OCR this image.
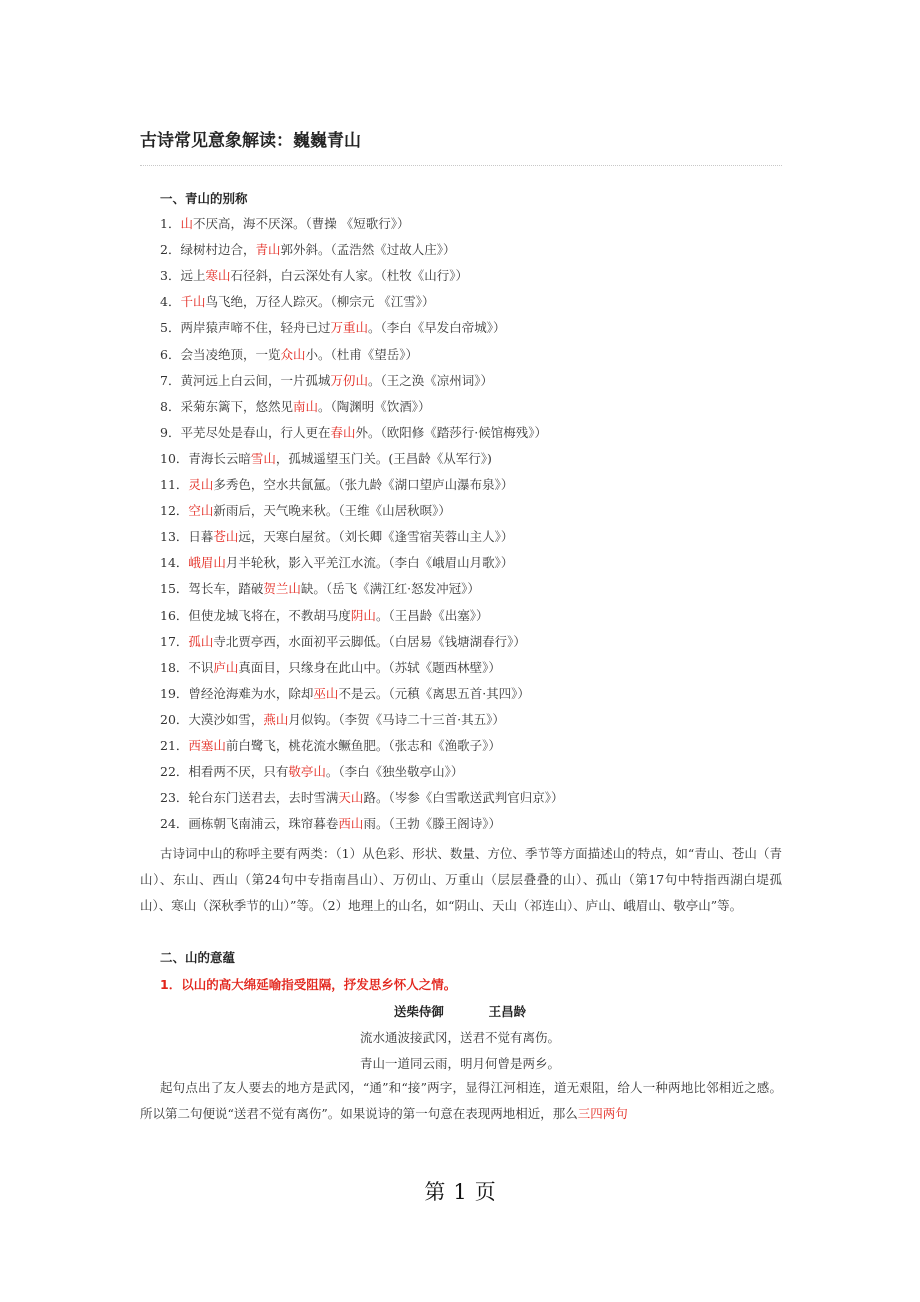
古诗常见意象解读：巍巍青山
一、青山的别称
1．山不厌高，海不厌深。（曹操 《短歌行》）
2．绿树村边合，青山郭外斜。（孟浩然《过故人庄》）
3．远上寒山石径斜，白云深处有人家。（杜牧《山行》）
4．千山鸟飞绝，万径人踪灭。（柳宗元 《江雪》）
5．两岸猿声啼不住，轻舟已过万重山。（李白《早发白帝城》）
6．会当凌绝顶，一览众山小。（杜甫《望岳》）
7．黄河远上白云间，一片孤城万仞山。（王之涣《凉州词》）
8．采菊东篱下，悠然见南山。（陶渊明《饮酒》）
9．平芜尽处是春山，行人更在春山外。（欧阳修《踏莎行·候馆梅残》）
10．青海长云暗雪山，孤城遥望玉门关。(王昌龄《从军行》)
11．灵山多秀色，空水共氤氲。（张九龄《湖口望庐山瀑布泉》）
12．空山新雨后，天气晚来秋。（王维《山居秋暝》）
13．日暮苍山远，天寒白屋贫。（刘长卿《逢雪宿芙蓉山主人》）
14．峨眉山月半轮秋，影入平羌江水流。（李白《峨眉山月歌》）
15．驾长车，踏破贺兰山缺。（岳飞《满江红·怒发冲冠》）
16．但使龙城飞将在，不教胡马度阴山。（王昌龄《出塞》）
17．孤山寺北贾亭西，水面初平云脚低。（白居易《钱塘湖春行》）
18．不识庐山真面目，只缘身在此山中。（苏轼《题西林壁》）
19．曾经沧海难为水，除却巫山不是云。（元稹《离思五首·其四》）
20．大漠沙如雪，燕山月似钩。（李贺《马诗二十三首·其五》）
21．西塞山前白鹭飞，桃花流水鳜鱼肥。（张志和《渔歌子》）
22．相看两不厌，只有敬亭山。（李白《独坐敬亭山》）
23．轮台东门送君去，去时雪满天山路。（岑参《白雪歌送武判官归京》）
24．画栋朝飞南浦云，珠帘暮卷西山雨。（王勃《滕王阁诗》）

古诗词中山的称呼主要有两类：（1）从色彩、形状、数量、方位、季节等方面描述山的特点，如“青山、苍山（青山）、东山、西山（第24句中专指南昌山）、万仞山、万重山（层层叠叠的山）、孤山（第17句中特指西湖白堤孤山）、寒山（深秋季节的山）”等。（2）地理上的山名，如“阴山、天山（祁连山）、庐山、峨眉山、敬亭山”等。

二、山的意蕴
1．以山的高大绵延喻指受阻隔，抒发思乡怀人之情。
送柴侍御	王昌龄
流水通波接武冈，送君不觉有离伤。
青山一道同云雨，明月何曾是两乡。

起句点出了友人要去的地方是武冈，“通”和“接”两字，显得江河相连，道无艰阻，给人一种两地比邻相近之感。所以第二句便说“送君不觉有离伤”。如果说诗的第一句意在表现两地相近，那么三四两句

第 1 页
